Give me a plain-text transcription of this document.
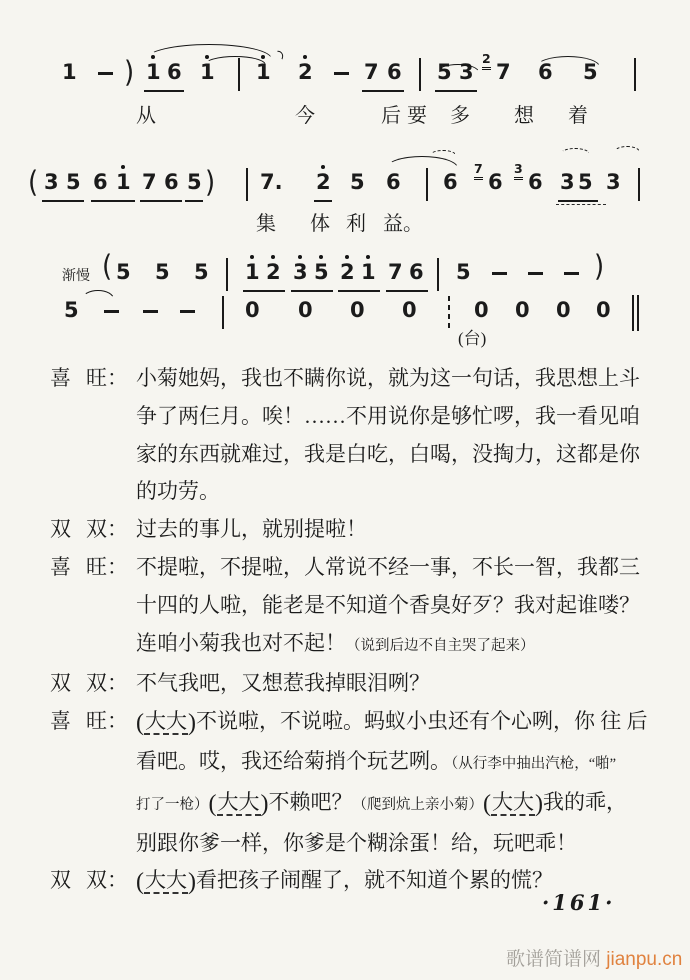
1 ) 1 6 1 1 2 7 6 5 3
2
7 6 5
从	今	后 要 多 想 着
( 3 5 6 1 7 6 5 ) 7. 2 5 6 6
7
6
3
6 3 5 3
集 体 利 益。
渐慢 ( 5 5 5 1 2 3 5 2 1 7 6 5	)
5	0 0 0 0	0 0 0 0
(台)
喜 旺： 小菊她妈，我也不瞒你说，就为这一句话，我思想上斗
争了两仨月。唉！……不用说你是够忙啰，我一看见咱
家的东西就难过，我是白吃，白喝，没掏力，这都是你
的功劳。
双 双： 过去的事儿，就别提啦！
喜 旺： 不提啦，不提啦，人常说不经一事，不长一智，我都三
十四的人啦，能老是不知道个香臭好歹？我对起谁喽？
连咱小菊我也对不起！（说到后边不自主哭了起来）
双 双： 不气我吧，又想惹我掉眼泪咧？
喜 旺： (大大)不说啦，不说啦。蚂蚁小虫还有个心咧，你 往 后
看吧。哎，我还给菊捎个玩艺咧。（从行李中抽出汽枪，“啪”
打了一枪）(大大)不赖吧？（爬到炕上亲小菊）(大大)我的乖，
别跟你爹一样，你爹是个糊涂蛋！给，玩吧乖！
双 双： (大大)看把孩子闹醒了，就不知道个累的慌？
·161·
歌谱简谱网 jianpu.cn
